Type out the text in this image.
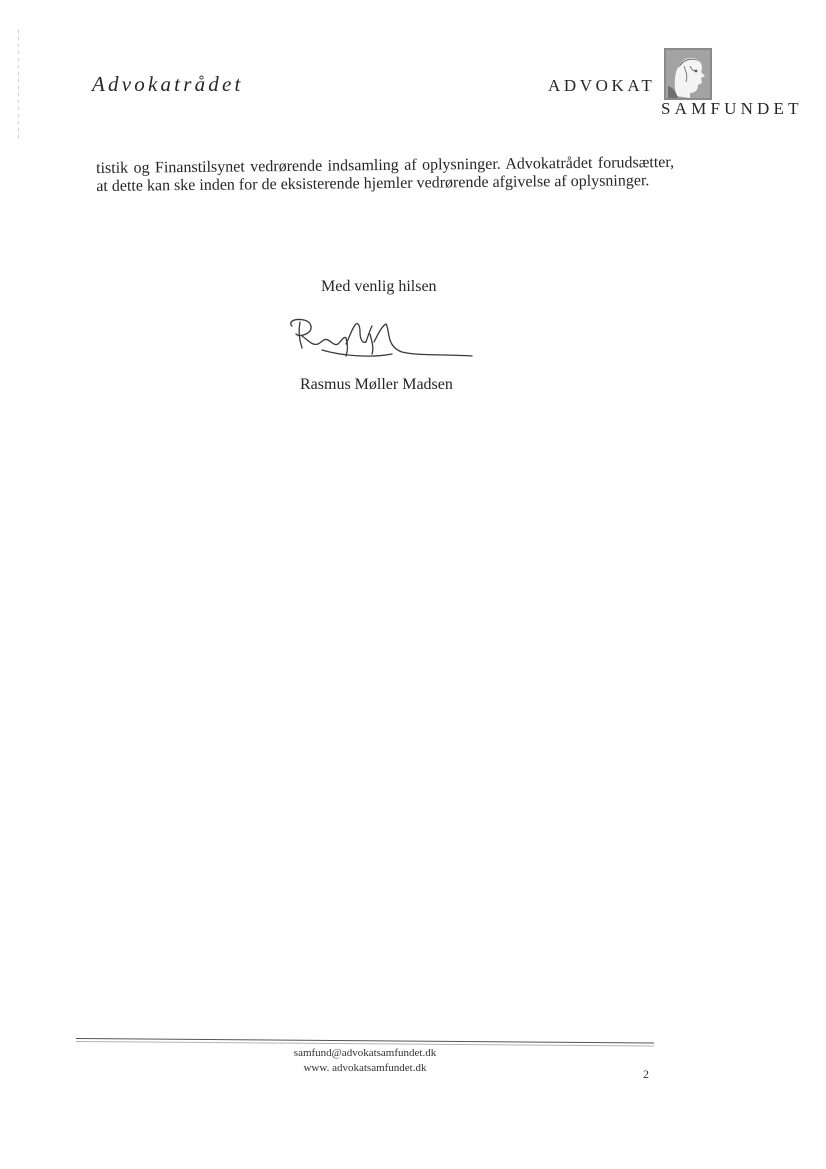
Advokatrådet	ADVOKAT
SAMFUNDET

tistik og Finanstilsynet vedrørende indsamling af oplysninger. Advokatrådet forudsætter, at dette kan ske inden for de eksisterende hjemler vedrørende afgivelse af oplysninger.

Med venlig hilsen

Rasmus Møller Madsen

samfund@advokatsamfundet.dk

www. advokatsamfundet.dk	2
